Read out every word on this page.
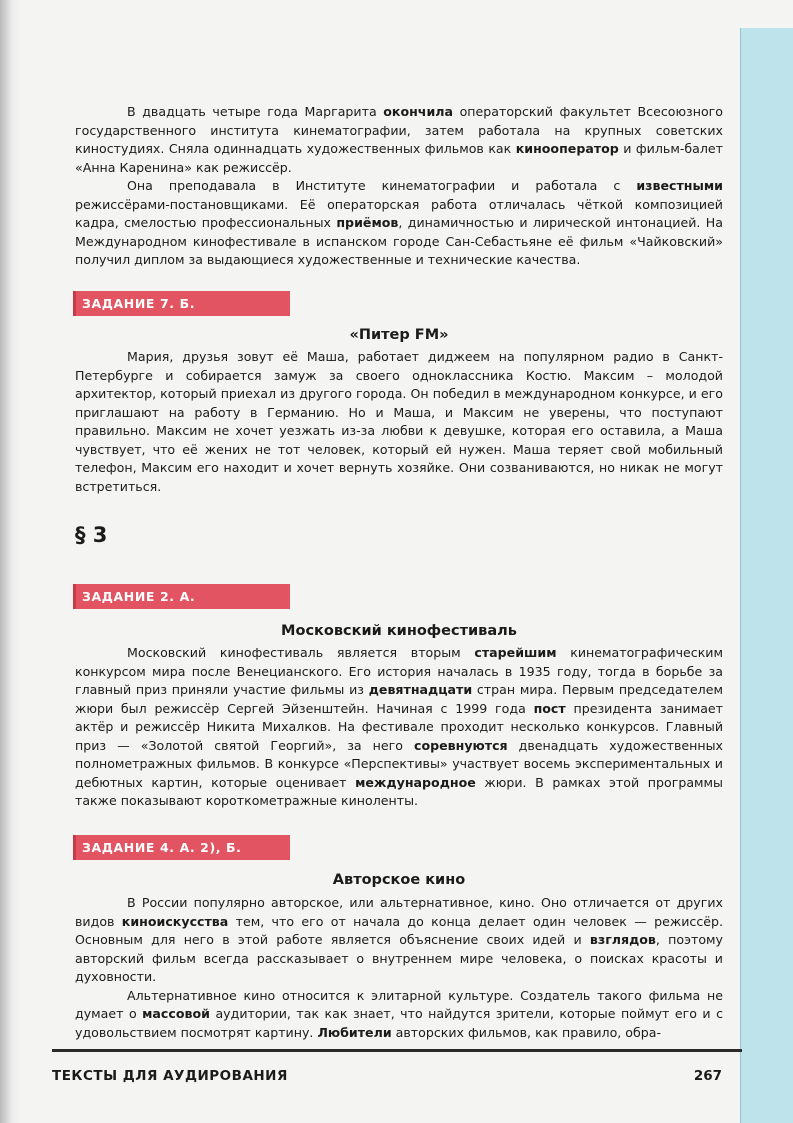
В двадцать четыре года Маргарита окончила операторский факультет Всесоюзного государственного института кинематографии, затем работала на крупных советских киностудиях. Сняла одиннадцать художественных фильмов как кинооператор и фильм-балет «Анна Каренина» как режиссёр.

Она преподавала в Институте кинематографии и работала с известными режиссёрами-постановщиками. Её операторская работа отличалась чёткой композицией кадра, смелостью профессиональных приёмов, динамичностью и лирической интонацией. На Международном кинофестивале в испанском городе Сан-Себастьяне её фильм «Чайковский» получил диплом за выдающиеся художественные и технические качества.

ЗАДАНИЕ 7. Б.
«Питер FM»

Мария, друзья зовут её Маша, работает диджеем на популярном радио в Санкт-Петербурге и собирается замуж за своего одноклассника Костю. Максим – молодой архитектор, который приехал из другого города. Он победил в международном конкурсе, и его приглашают на работу в Германию. Но и Маша, и Максим не уверены, что поступают правильно. Максим не хочет уезжать из-за любви к девушке, которая его оставила, а Маша чувствует, что её жених не тот человек, который ей нужен. Маша теряет свой мобильный телефон, Максим его находит и хочет вернуть хозяйке. Они созваниваются, но никак не могут встретиться.

§ 3
ЗАДАНИЕ 2. А.
Московский кинофестиваль

Московский кинофестиваль является вторым старейшим кинематографическим конкурсом мира после Венецианского. Его история началась в 1935 году, тогда в борьбе за главный приз приняли участие фильмы из девятнадцати стран мира. Первым председателем жюри был режиссёр Сергей Эйзенштейн. Начиная с 1999 года пост президента занимает актёр и режиссёр Никита Михалков. На фестивале проходит несколько конкурсов. Главный приз — «Золотой святой Георгий», за него соревнуются двенадцать художественных полнометражных фильмов. В конкурсе «Перспективы» участвует восемь экспериментальных и дебютных картин, которые оценивает международное жюри. В рамках этой программы также показывают короткометражные киноленты.

ЗАДАНИЕ 4. А. 2), Б.
Авторское кино

В России популярно авторское, или альтернативное, кино. Оно отличается от других видов киноискусства тем, что его от начала до конца делает один человек — режиссёр. Основным для него в этой работе является объяснение своих идей и взглядов, поэтому авторский фильм всегда рассказывает о внутреннем мире человека, о поисках красоты и духовности.

Альтернативное кино относится к элитарной культуре. Создатель такого фильма не думает о массовой аудитории, так как знает, что найдутся зрители, которые поймут его и с удовольствием посмотрят картину. Любители авторских фильмов, как правило, обра-

ТЕКСТЫ ДЛЯ АУДИРОВАНИЯ	267
